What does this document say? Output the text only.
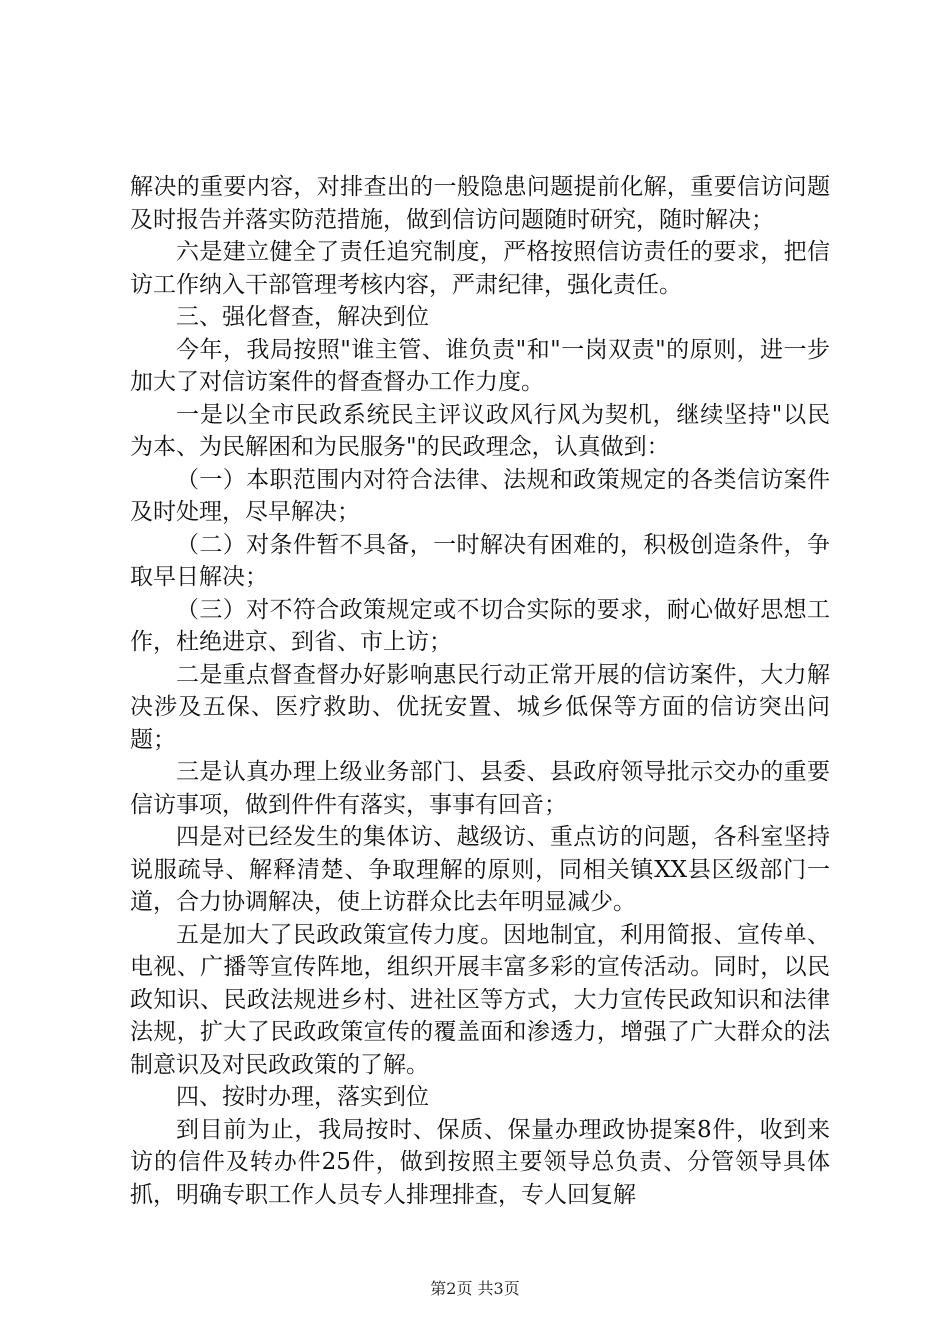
解决的重要内容，对排查出的一般隐患问题提前化解，重要信访问题及时报告并落实防范措施，做到信访问题随时研究，随时解决；

六是建立健全了责任追究制度，严格按照信访责任的要求，把信访工作纳入干部管理考核内容，严肃纪律，强化责任。

三、强化督查，解决到位

今年，我局按照"谁主管、谁负责"和"一岗双责"的原则，进一步加大了对信访案件的督查督办工作力度。

一是以全市民政系统民主评议政风行风为契机，继续坚持"以民为本、为民解困和为民服务"的民政理念，认真做到：

（一）本职范围内对符合法律、法规和政策规定的各类信访案件及时处理，尽早解决；

（二）对条件暂不具备，一时解决有困难的，积极创造条件，争取早日解决；

（三）对不符合政策规定或不切合实际的要求，耐心做好思想工作，杜绝进京、到省、市上访；

二是重点督查督办好影响惠民行动正常开展的信访案件，大力解决涉及五保、医疗救助、优抚安置、城乡低保等方面的信访突出问题；

三是认真办理上级业务部门、县委、县政府领导批示交办的重要信访事项，做到件件有落实，事事有回音；

四是对已经发生的集体访、越级访、重点访的问题，各科室坚持说服疏导、解释清楚、争取理解的原则，同相关镇XX县区级部门一道，合力协调解决，使上访群众比去年明显减少。

五是加大了民政政策宣传力度。因地制宜，利用简报、宣传单、电视、广播等宣传阵地，组织开展丰富多彩的宣传活动。同时，以民政知识、民政法规进乡村、进社区等方式，大力宣传民政知识和法律法规，扩大了民政政策宣传的覆盖面和渗透力，增强了广大群众的法制意识及对民政政策的了解。

四、按时办理，落实到位

到目前为止，我局按时、保质、保量办理政协提案8件，收到来访的信件及转办件25件，做到按照主要领导总负责、分管领导具体抓，明确专职工作人员专人排理排查，专人回复解

第2页 共3页
